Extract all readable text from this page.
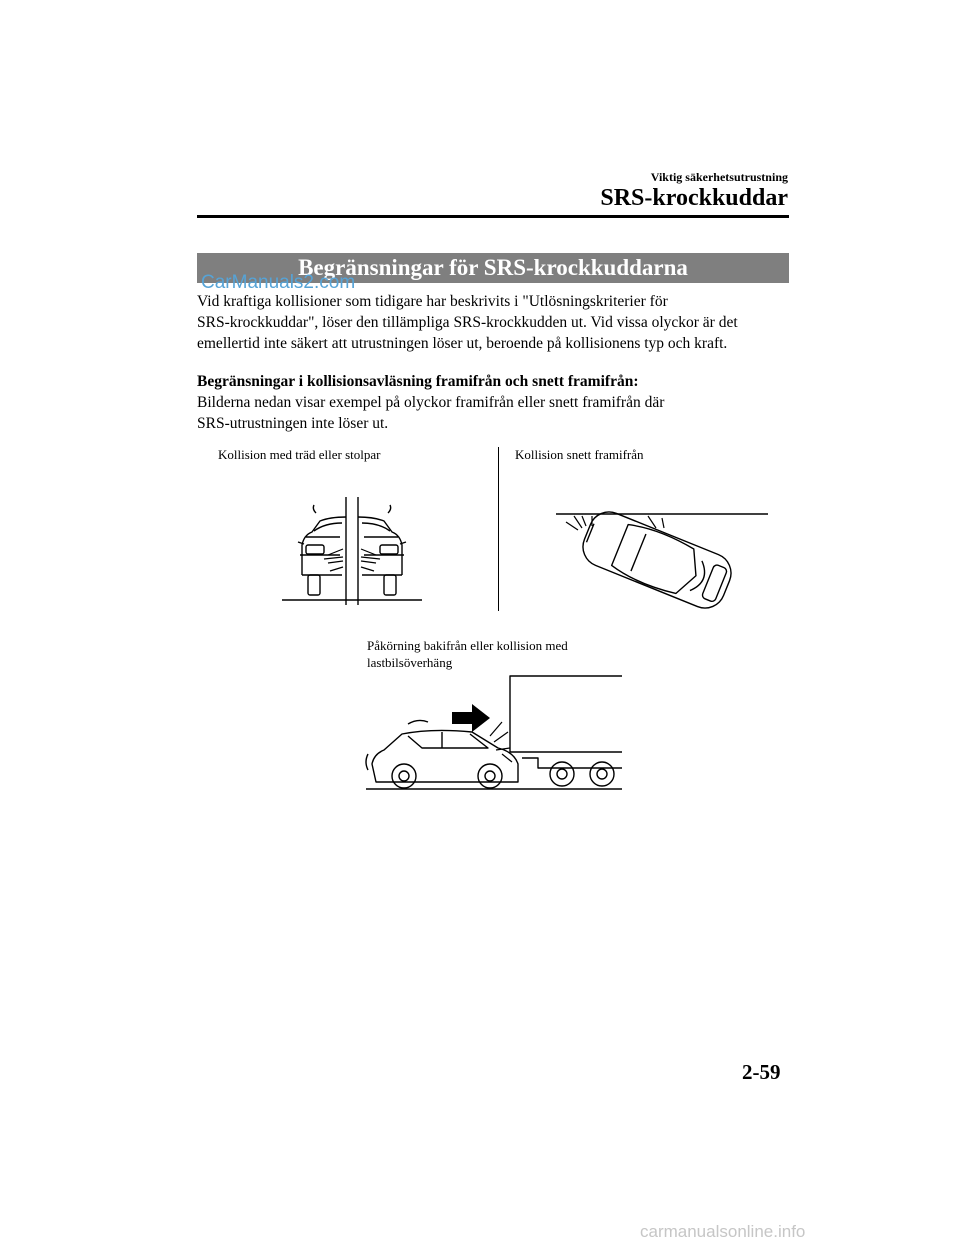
Viktig säkerhetsutrustning
SRS-krockkuddar
Begränsningar för SRS-krockkuddarna
CarManuals2.com

Vid kraftiga kollisioner som tidigare har beskrivits i "Utlösningskriterier för

SRS-krockkuddar", löser den tillämpliga SRS-krockkudden ut. Vid vissa olyckor är det

emellertid inte säkert att utrustningen löser ut, beroende på kollisionens typ och kraft.

Begränsningar i kollisionsavläsning framifrån och snett framifrån:

Bilderna nedan visar exempel på olyckor framifrån eller snett framifrån där

SRS-utrustningen inte löser ut.

Kollision med träd eller stolpar	Kollision snett framifrån
Påkörning bakifrån eller kollision med
lastbilsöverhäng
2-59
carmanualsonline.info
